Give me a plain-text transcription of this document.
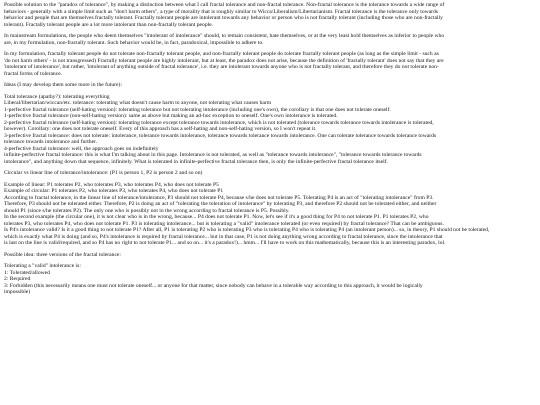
Possible solution to the "paradox of tolerance", by making a distinction between what I call fractal tolerance and non-fractal tolerance. Non-fractal tolerance is the tolerance towards a wide range of
behaviors - generally with a simple limit such as "don't harm others", a type of morality that is roughly similar to Wicca/Liberalism/Libertarianism. Fractal tolerance is the tolerance only towards
behavior and people that are themselves fractally tolerant. Fractally tolerant people are intolerant towards any behavior or person who is not fractally tolerant (including those who are non-fractally
tolerant). Fractally tolerant people are a lot more intolerant than non-fractally tolerant people.

In mainstream formulations, the people who deem themselves "intolerant of intolerance" should, to remain consistent, hate themselves, or at the very least hold themselves as inferior to people who
are, in my formulation, non-fractally tolerant. Such behavior would be, in fact, paradoxical, impossible to adhere to.

In my formulation, fractally tolerant people do not tolerate non-fractally tolerant people, and non-fractally tolerant people do tolerate fractally tolerant people (as long as the simple limit - such as
'do not harm others' - is not transgressed) Fractally tolerant people are highly intolerant, but at least, the paradox does not arise, because the definition of 'fractally tolerant' does not say that they are
'intolerant of intolerance', but rather, 'intolerant of anything outside of fractal tolerance', i.e. they are intolerant towards anyone who is not fractally tolerant, and therefore they do not tolerate non-
fractal forms of tolerance.

Ideas (I may develop them some more in the future):

Total tolerance (apathy?): tolerating everything
Liberal/libertarian/wiccan/etc. tolerance: tolerating what doesn't cause harm to anyone, not tolerating what causes harm
1-perfective fractal tolerance (self-hating version): tolerating tolerance but not tolerating intolerance (including one's own), the corollary is that one does not tolerate oneself.
1-perfective fractal tolerance (non-self-hating version): same as above but making an ad-hoc exception to oneself. One's own intolerance is tolerated.
2-perfective fractal tolerance (self-hating version): tolerating tolerance except tolerance towards intolerance, which is not tolerated (tolerance towards tolerance towards intolerance is tolerated,
however). Corollary: one does not tolerate oneself. Every of this approach has a self-hating and non-self-hating version, so I won't repeat it.
3-perfective fractal tolerance: does not tolerate: intolerance, tolerance towards intolerance, tolerance towards tolerance towards intolerance. One can tolerate tolerance towards tolerance towards
tolerance towards intolerance and further.
4-perfective fractal tolerance: well, the approach goes on indefinitely
infinite-perfective fractal tolerance: this is what I'm talking about in this page. Intolerance is not tolerated, as well as "tolerance towards intolerance", "tolerance towards tolerance towards
intolerance", and anything down that sequence, infinitely. What is tolerated in infinite-perfective fractal tolerance then, is only the infinite-perfective fractal tolerance itself.

Circular vs linear line of tolerance/intolerance: (P1 is person 1, P2 is person 2 and so on)

Example of linear: P1 tolerates P2, who tolerates P3, who tolerates P4, who does not tolerate P5
Example of circular: P1 tolerates P2, who tolerates P3, who tolerates P4, who does not tolerate P1
According to fractal tolerance, in the linear line of tolerance/intolerance, P3 should not tolerate P4, because s/he does not tolerate P5. Tolerating P4 is an act of "tolerating intolerance" from P3.
Therefore, P3 should not be tolerated either. Therefore, P2 is doing an act of "tolerating the toleration of intolerance" by tolerating P3, and therefore P2 should not be tolerated either, and neither
should P1 (since s/he tolerates P2). The only one who is possibly not in the wrong according to fractal tolerance is P5. Possibly.
In the second example (the circular one), it is not clear who is in the wrong, because... P4 does not tolerate P1. Now, let's see if it's a good thing for P4 to not tolerate P1. P1 tolerates P2, who
tolerates P3, who tolerates P4, who does not tolerate P1. P3 is tolerating intolerance... but is tolerating a "valid" intolerance tolerated (or even required) by fractal tolerance? That can be ambiguous.
Is P4's intolerance valid? Is it a good thing to not tolerate P1? After all, P1 is tolerating P2 who is tolerating P3 who is tolerating P4 who is tolerating P4 (an intolerant person)... so, in theory, P1 should not be tolerated,
which is exactly what P4 is doing (and so, P4's intolerance is required by fractal tolerance... but in that case, P1 is not doing anything wrong according to fractal tolerance, since the intolerance that
is last on the line is valid/required, and so P4 has no right to not tolerate P1... and so on... it's a paradox!)... hmm... I'll have to work on this mathematically, because this is an interesting paradox, lol.

Possible idea: three versions of the fractal tolerance:

Tolerating a "valid" intolerance is:
1: Tolerated/allowed
2: Required
3: Forbidden (this necessarily means one must not tolerate oneself... or anyone for that matter, since nobody can behave in a tolerable way according to this approach, it would be logically
impossible)
